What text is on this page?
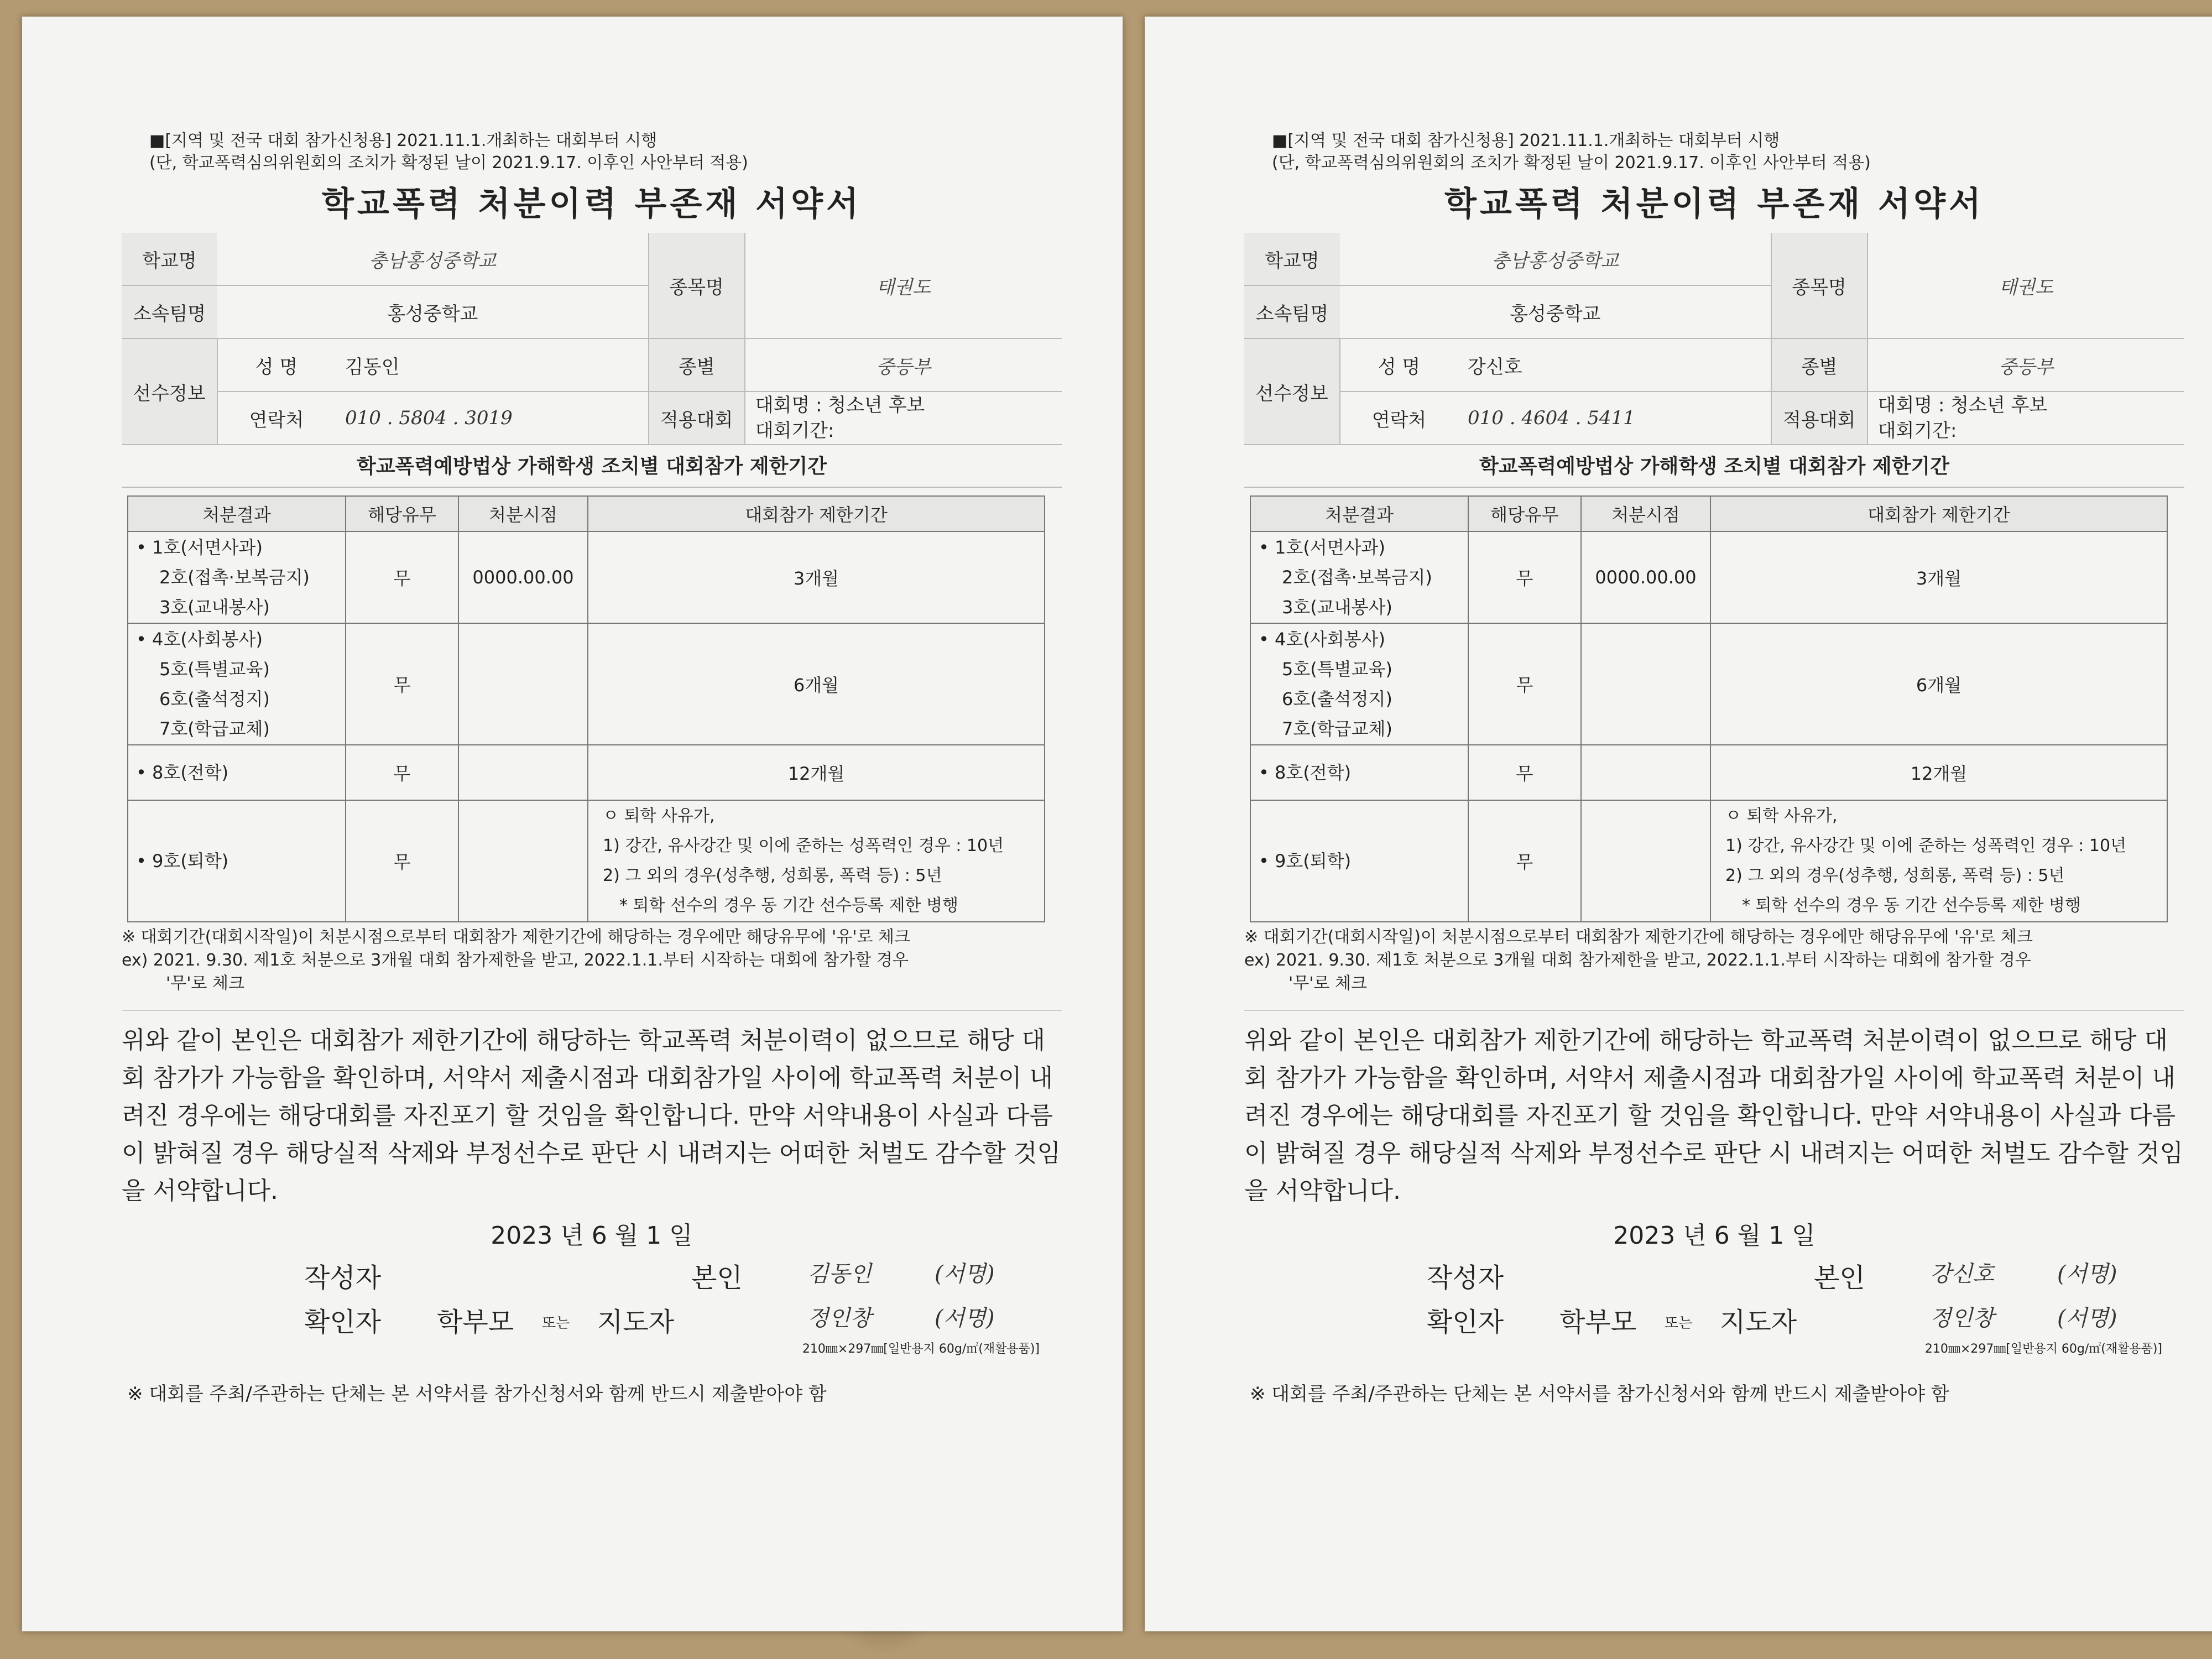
■[지역 및 전국 대회 참가신청용] 2021.11.1.개최하는 대회부터 시행
(단, 학교폭력심의위원회의 조치가 확정된 날이 2021.9.17. 이후인 사안부터 적용)
학교폭력 처분이력 부존재 서약서
학교명	충남홍성중학교		종목명	태권도
소속팀명	홍성중학교			
선수정보	성 명	김동인	종별	중등부
	연락처	010 . 5804 . 3019	적용대회	대회명 : 청소년 후보
대회기간:
학교폭력예방법상 가해학생 조치별 대회참가 제한기간
처분결과	해당유무	처분시점	대회참가 제한기간
• 1호(서면사과)
2호(접촉·보복금지)
3호(교내봉사)	무	0000.00.00	3개월
• 4호(사회봉사)
5호(특별교육)
6호(출석정지)
7호(학급교체)	무		6개월
• 8호(전학)	무		12개월
• 9호(퇴학)	무		ㅇ 퇴학 사유가,
1) 강간, 유사강간 및 이에 준하는 성폭력인 경우 : 10년
2) 그 외의 경우(성추행, 성희롱, 폭력 등) : 5년
* 퇴학 선수의 경우 동 기간 선수등록 제한 병행
※ 대회기간(대회시작일)이 처분시점으로부터 대회참가 제한기간에 해당하는 경우에만 해당유무에 '유'로 체크
ex) 2021. 9.30. 제1호 처분으로 3개월 대회 참가제한을 받고, 2022.1.1.부터 시작하는 대회에 참가할 경우
'무'로 체크
위와 같이 본인은 대회참가 제한기간에 해당하는 학교폭력 처분이력이 없으므로 해당 대회 참가가 가능함을 확인하며, 서약서 제출시점과 대회참가일 사이에 학교폭력 처분이 내려진 경우에는 해당대회를 자진포기 할 것임을 확인합니다. 만약 서약내용이 사실과 다름이 밝혀질 경우 해당실적 삭제와 부정선수로 판단 시 내려지는 어떠한 처벌도 감수할 것임을 서약합니다.
2023 년 6 월 1 일
작성자	본인	김동인	(서명)
확인자 학부모 또는 지도자	정인창	(서명)
210㎜×297㎜[일반용지 60g/㎡(재활용품)]
※ 대회를 주최/주관하는 단체는 본 서약서를 참가신청서와 함께 반드시 제출받아야 함
■[지역 및 전국 대회 참가신청용] 2021.11.1.개최하는 대회부터 시행
(단, 학교폭력심의위원회의 조치가 확정된 날이 2021.9.17. 이후인 사안부터 적용)
학교폭력 처분이력 부존재 서약서
학교명	충남홍성중학교		종목명	태권도
소속팀명	홍성중학교			
선수정보	성 명	강신호	종별	중등부
	연락처	010 . 4604 . 5411	적용대회	대회명 : 청소년 후보
대회기간:
학교폭력예방법상 가해학생 조치별 대회참가 제한기간
처분결과	해당유무	처분시점	대회참가 제한기간
• 1호(서면사과)
2호(접촉·보복금지)
3호(교내봉사)	무	0000.00.00	3개월
• 4호(사회봉사)
5호(특별교육)
6호(출석정지)
7호(학급교체)	무		6개월
• 8호(전학)	무		12개월
• 9호(퇴학)	무		ㅇ 퇴학 사유가,
1) 강간, 유사강간 및 이에 준하는 성폭력인 경우 : 10년
2) 그 외의 경우(성추행, 성희롱, 폭력 등) : 5년
* 퇴학 선수의 경우 동 기간 선수등록 제한 병행
※ 대회기간(대회시작일)이 처분시점으로부터 대회참가 제한기간에 해당하는 경우에만 해당유무에 '유'로 체크
ex) 2021. 9.30. 제1호 처분으로 3개월 대회 참가제한을 받고, 2022.1.1.부터 시작하는 대회에 참가할 경우
'무'로 체크
위와 같이 본인은 대회참가 제한기간에 해당하는 학교폭력 처분이력이 없으므로 해당 대회 참가가 가능함을 확인하며, 서약서 제출시점과 대회참가일 사이에 학교폭력 처분이 내려진 경우에는 해당대회를 자진포기 할 것임을 확인합니다. 만약 서약내용이 사실과 다름이 밝혀질 경우 해당실적 삭제와 부정선수로 판단 시 내려지는 어떠한 처벌도 감수할 것임을 서약합니다.
2023 년 6 월 1 일
작성자	본인	강신호	(서명)
확인자 학부모 또는 지도자	정인창	(서명)
210㎜×297㎜[일반용지 60g/㎡(재활용품)]
※ 대회를 주최/주관하는 단체는 본 서약서를 참가신청서와 함께 반드시 제출받아야 함
